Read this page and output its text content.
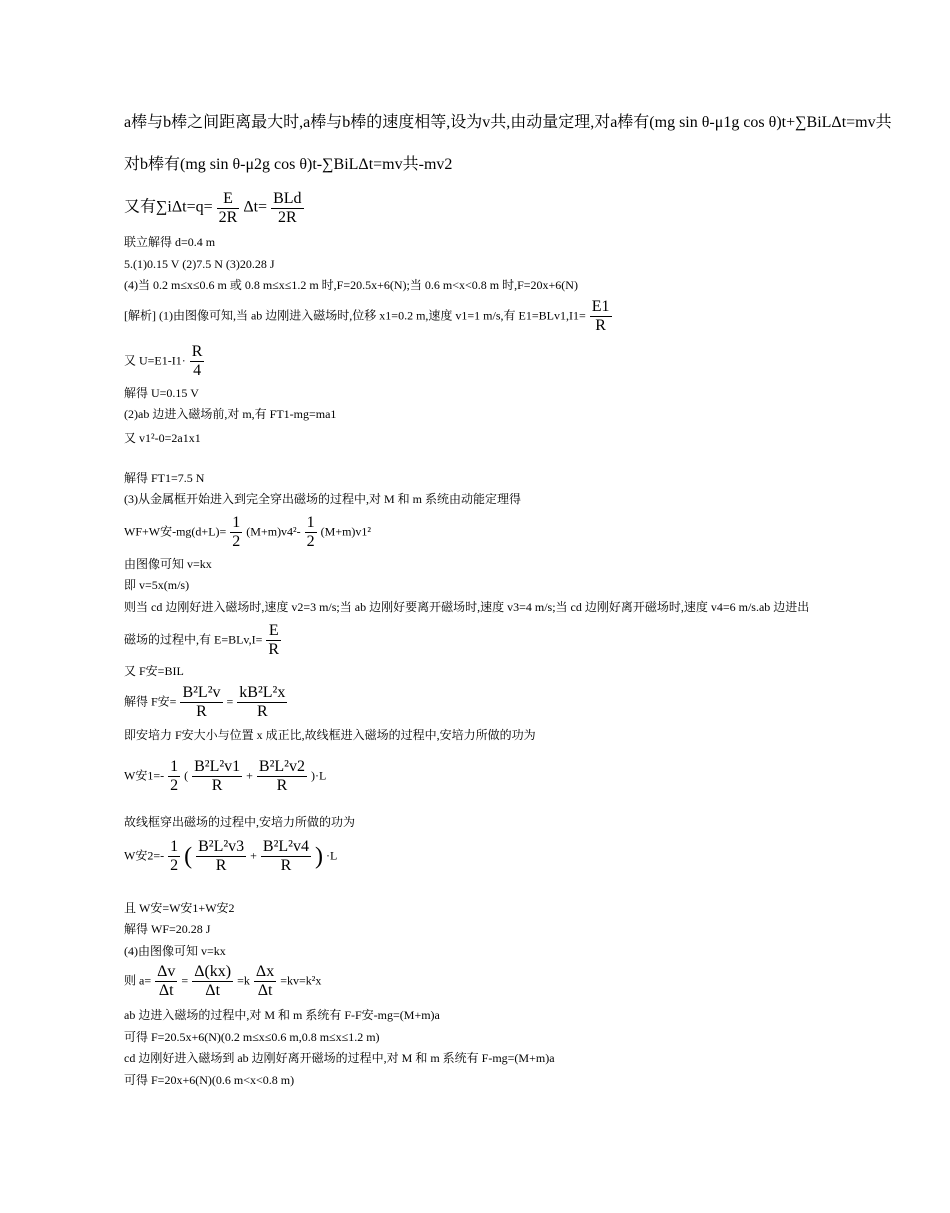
a棒与b棒之间距离最大时,a棒与b棒的速度相等,设为v共,由动量定理,对a棒有(mg sin θ-μ1g cos θ)t+∑BiLΔt=mv共
对b棒有(mg sin θ-μ2g cos θ)t-∑BiLΔt=mv共-mv2
又有$\sum i\Delta t=q= \frac{E}{2R} \Delta t= \frac{\text{BLd}}{2R}$
联立解得 d=0.4 m
5.(1)0.15 V (2)7.5 N (3)20.28 J
(4)当 0.2 m≤x≤0.6 m 或 0.8 m≤x≤1.2 m 时,F=20.5x+6(N);当 0.6 m<x<0.8 m 时,F=20x+6(N)
[解析] (1)由图像可知,当 ab 边刚进入磁场时,位移 x1=0.2 m,速度 v1=1 m/s,有 $E1=BLv1,I1= \frac{E1}{R}$
又 $U=E1-I1\cdot \frac{R}{4}$
解得 U=0.15 V
(2)ab 边进入磁场前,对 m,有 FT1-mg=ma1
又 v1²-0=2a1x1
解得 FT1=7.5 N
(3)从金属框开始进入到完全穿出磁场的过程中,对 M 和 m 系统由动能定理得
WF+W安$-mg(d+L)= \frac{1}{2} (M+m)v4^2- \frac{1}{2} (M+m)v1^2$
由图像可知 v=kx
即 v=5x(m/s)
则当 cd 边刚好进入磁场时,速度 v2=3 m/s;当 ab 边刚好要离开磁场时,速度 v3=4 m/s;当 cd 边刚好离开磁场时,速度 v4=6 m/s.ab 边进出
磁场的过程中,有 $E=BLv,I= \frac{E}{R}$
又 F安=BIL
解得 F安= $\frac{\text{B²L²v}}{R} = \frac{\text{kB²L²x}}{R}$
即安培力 F安大小与位置 x 成正比,故线框进入磁场的过程中,安培力所做的功为
W安$1=- \frac{1}{2}$ ( $\frac{\text{B²L²v1}}{R} + \frac{\text{B²L²v2}}{R} )\cdot L$
故线框穿出磁场的过程中,安培力所做的功为
W安$2=- \frac{1}{2}$ ( $\frac{\text{B²L²v3}}{R} + \frac{\text{B²L²v4}}{R}$ ) ·L
且 W安=W安1+W安2
解得 WF=20.28 J
(4)由图像可知 v=kx
则 $a= \frac{\Delta v}{\Delta t} = \frac{\Delta(kx)}{\Delta t} =k \frac{\Delta x}{\Delta t} =kv=k^2x$
ab 边进入磁场的过程中,对 M 和 m 系统有 F-F安-mg=(M+m)a
可得 F=20.5x+6(N)(0.2 m≤x≤0.6 m,0.8 m≤x≤1.2 m)
cd 边刚好进入磁场到 ab 边刚好离开磁场的过程中,对 M 和 m 系统有 F-mg=(M+m)a
可得 F=20x+6(N)(0.6 m<x<0.8 m)
